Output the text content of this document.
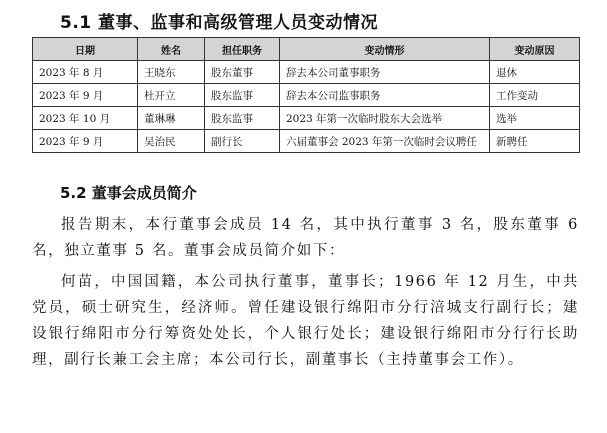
5.1 董事、监事和高级管理人员变动情况
日期	姓名	担任职务	变动情形	变动原因
2023 年 8 月	王晓东	股东董事	辞去本公司董事职务	退休
2023 年 9 月	杜开立	股东监事	辞去本公司监事职务	工作变动
2023 年 10 月	董琳琳	股东监事	2023 年第一次临时股东大会选举	选举
2023 年 9 月	吴治民	副行长	六届董事会 2023 年第一次临时会议聘任	新聘任
5.2 董事会成员简介

报告期末，本行董事会成员 14 名，其中执行董事 3 名，股东董事 6 名，独立董事 5 名。董事会成员简介如下：

何苗，中国国籍，本公司执行董事，董事长；1966 年 12 月生，中共党员，硕士研究生，经济师。曾任建设银行绵阳市分行涪城支行副行长；建设银行绵阳市分行筹资处处长，个人银行处长；建设银行绵阳市分行行长助理，副行长兼工会主席；本公司行长，副董事长（主持董事会工作）。
